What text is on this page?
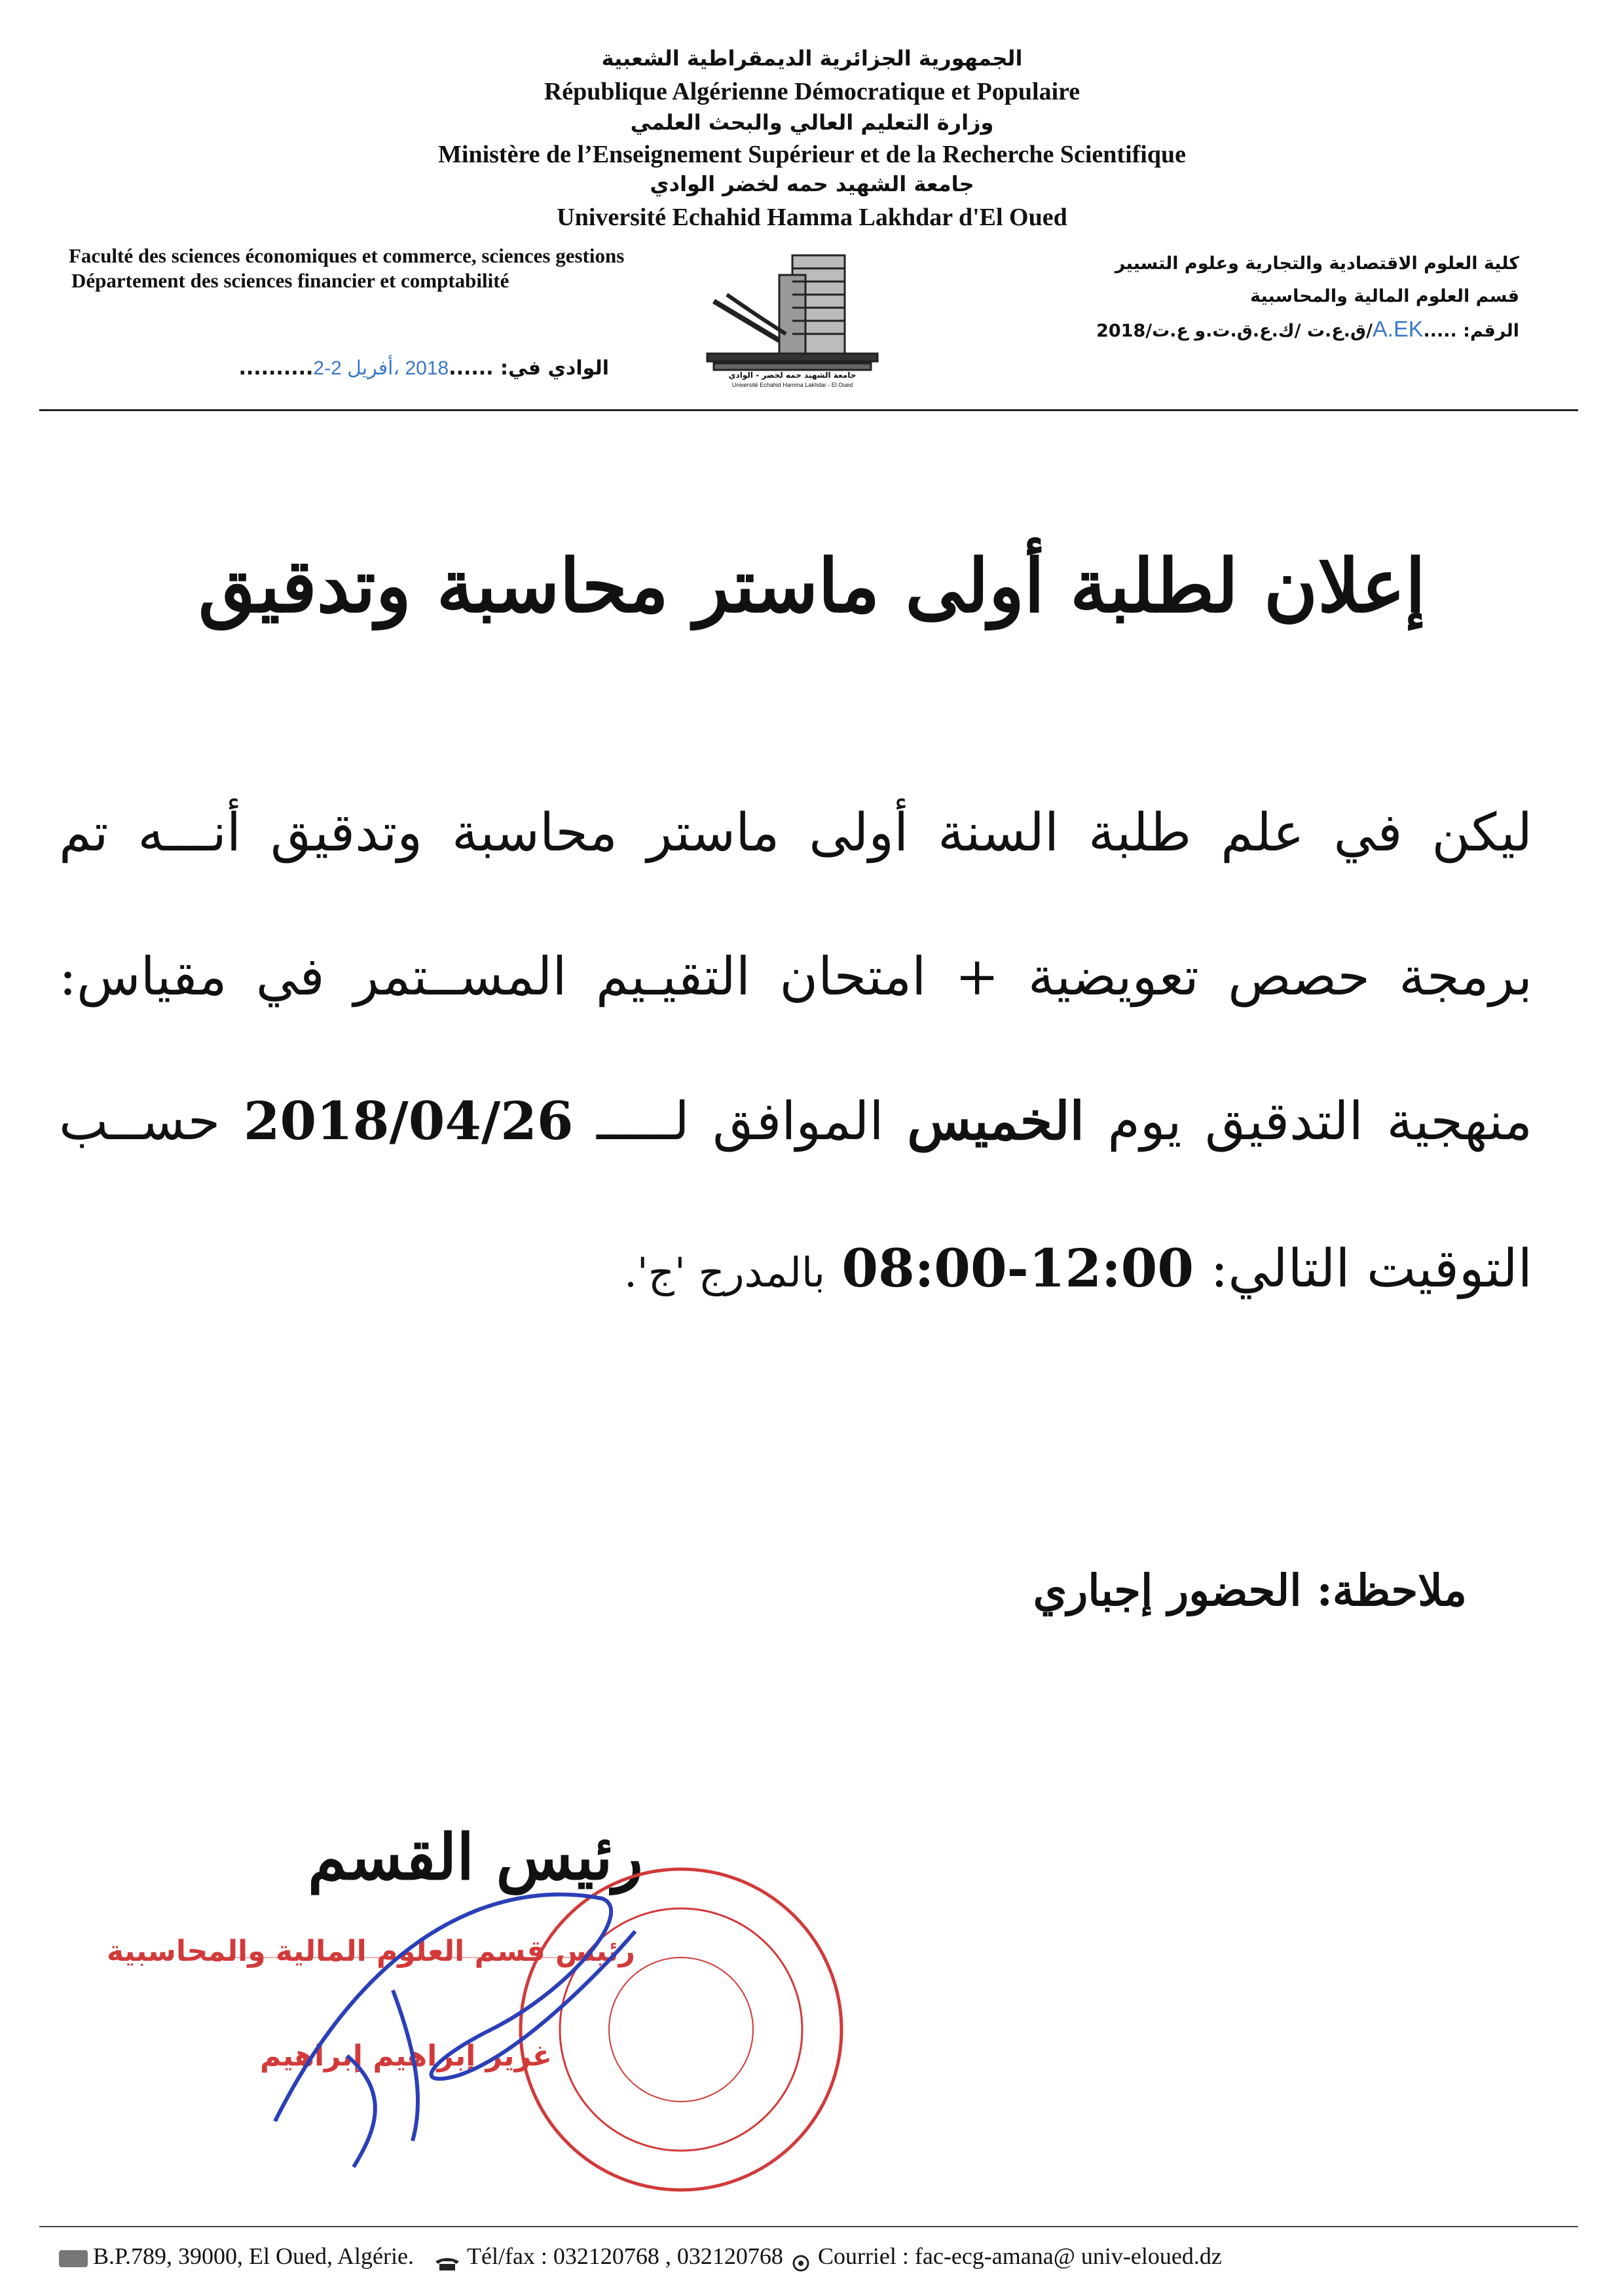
الجمهورية الجزائرية الديمقراطية الشعبية
République Algérienne Démocratique et Populaire
وزارة التعليم العالي والبحث العلمي
Ministère de l’Enseignement Supérieur et de la Recherche Scientifique
جامعة الشهيد حمه لخضر الوادي
Université Echahid Hamma Lakhdar d'El Oued
Faculté des sciences économiques et commerce, sciences gestions
Département des sciences financier et comptabilité
الوادي في: ......2018 ،أفريل 2-2..........	جامعة الشهيد حمه لخضر - الوادي
Université Echahid Hamma Lakhdar - El Oued
كلية العلوم الاقتصادية والتجارية وعلوم التسيير
قسم العلوم المالية والمحاسبية
الرقم: .....A.EK/ق.ع.ت /ك.ع.ق.ت.و ع.ت/2018
إعلان لطلبة أولى ماستر محاسبة وتدقيق
ليكن في علم طلبة السنة أولى ماستر محاسبة وتدقيق أنـــه تم
برمجة حصص تعويضية + امتحان التقيـيم المســتمر في مقياس:
منهجية التدقيق يوم الخميس الموافق لـــــ 2018/04/26 حســب
التوقيت التالي: 08:00-12:00 بالمدرج 'ج'.
ملاحظة: الحضور إجباري
رئيس القسم
رئيس قسم العلوم المالية والمحاسبية
غرير إبراهيم إبراهيم
B.P.789, 39000, El Oued, Algérie. Tél/fax : 032120768 , 032120768 Courriel : fac-ecg-amana@ univ-eloued.dz
